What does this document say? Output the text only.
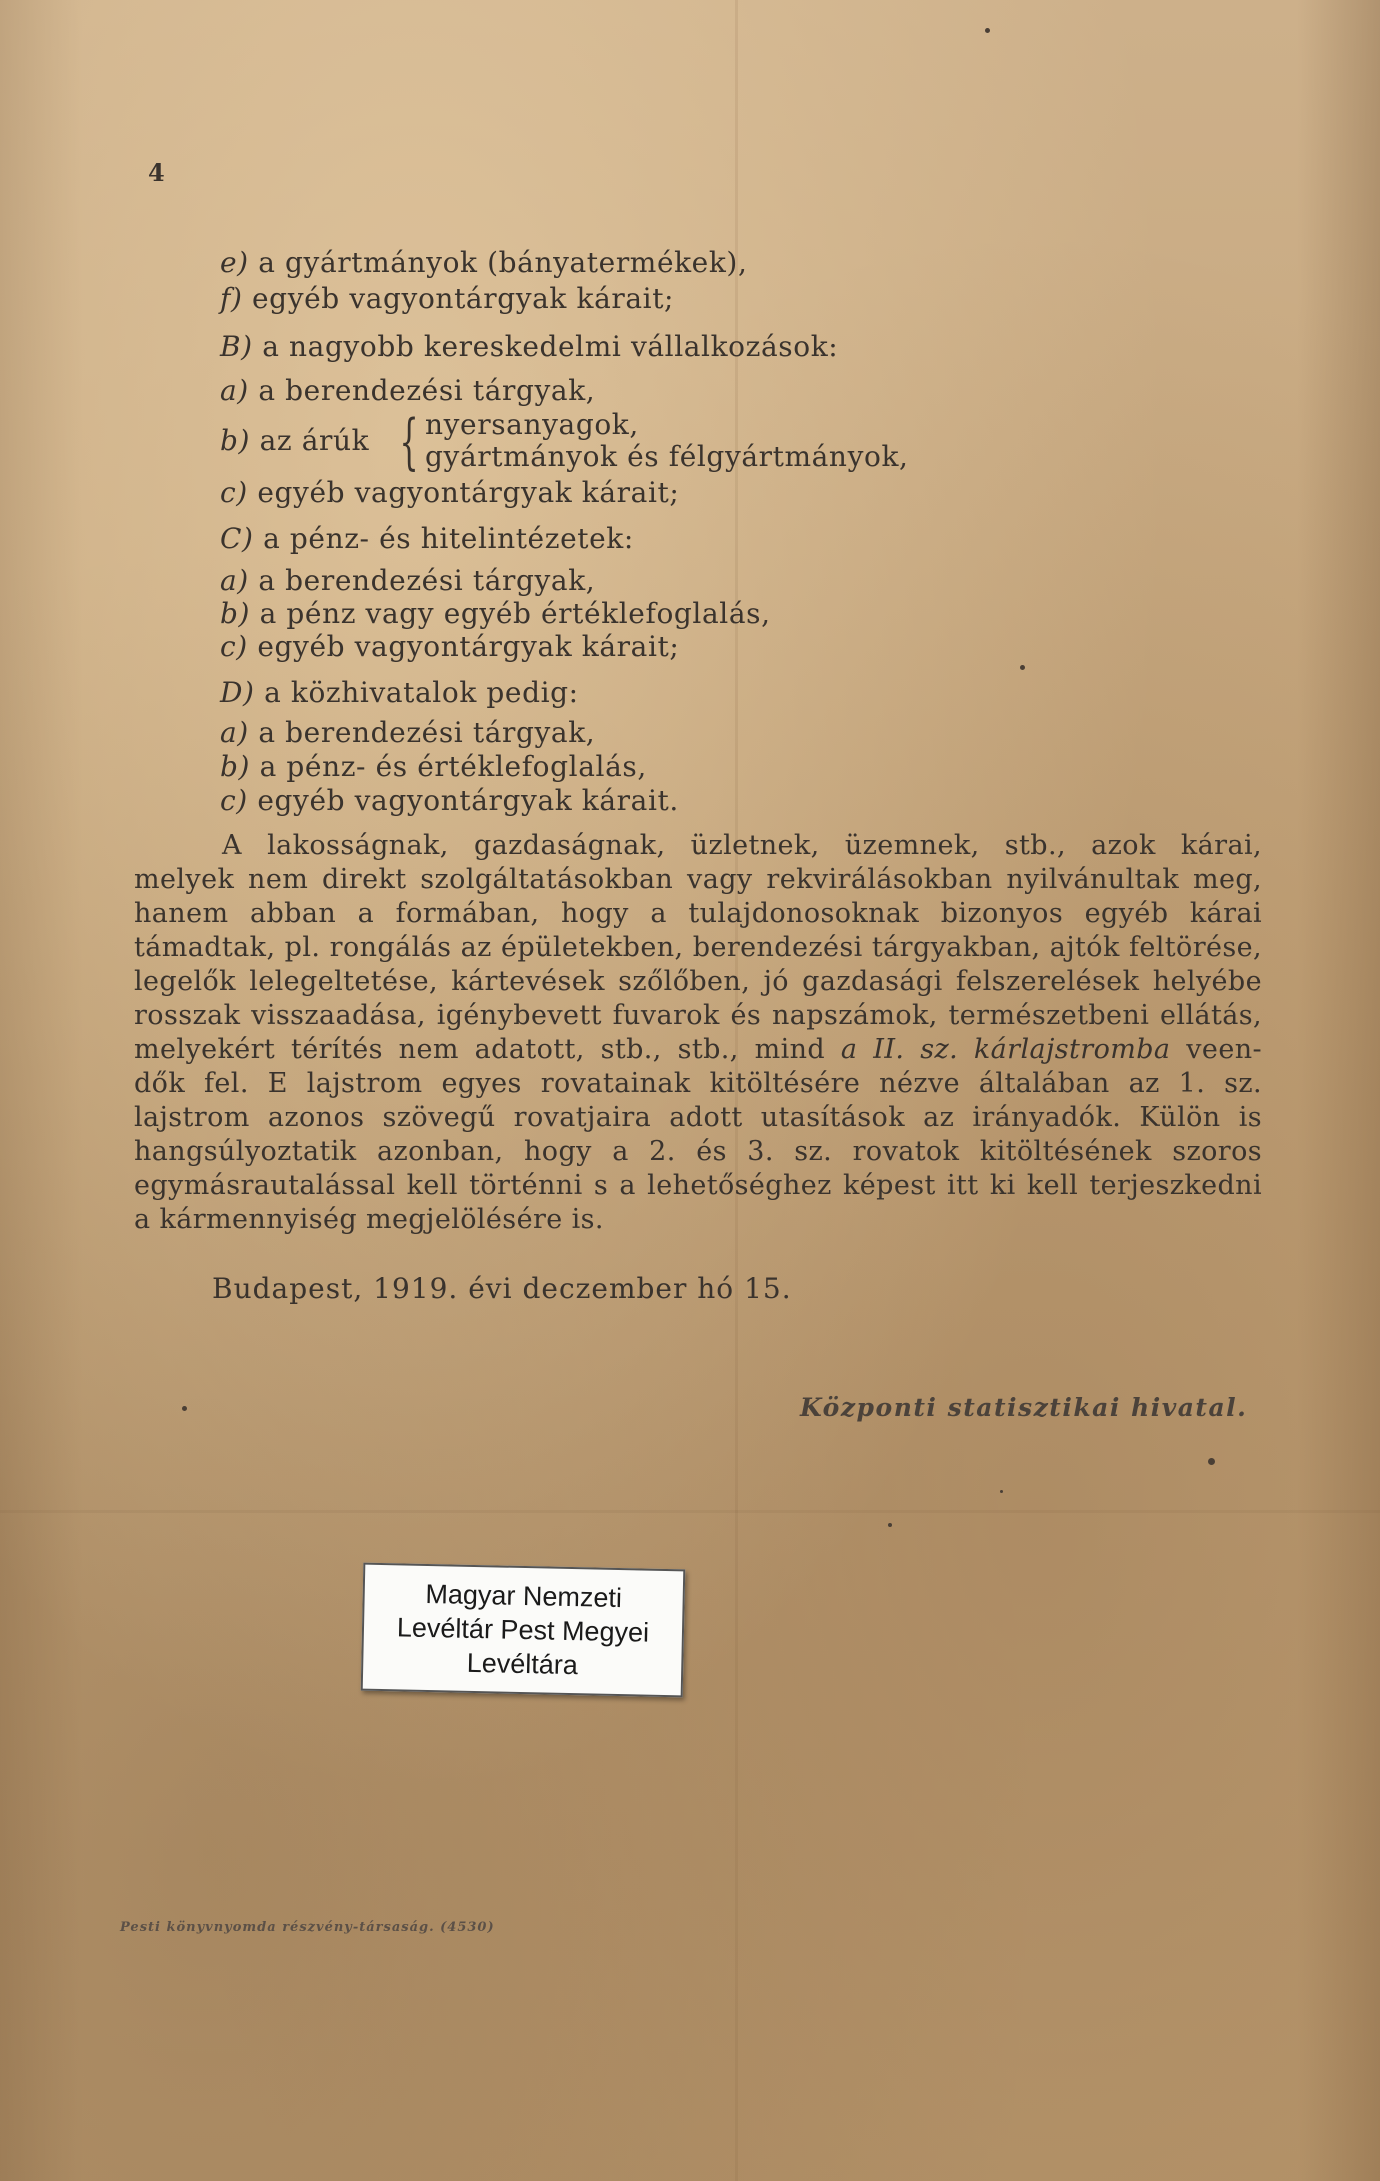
4
e) a gyártmányok (bányatermékek),
f) egyéb vagyontárgyak kárait;
B) a nagyobb kereskedelmi vállalkozások:
a) a berendezési tárgyak,
b) az árúk { nyersanyagok,
gyártmányok és félgyártmányok,
c) egyéb vagyontárgyak kárait;
C) a pénz- és hitelintézetek:
a) a berendezési tárgyak,
b) a pénz vagy egyéb értéklefoglalás,
c) egyéb vagyontárgyak kárait;
D) a közhivatalok pedig:
a) a berendezési tárgyak,
b) a pénz- és értéklefoglalás,
c) egyéb vagyontárgyak kárait.
A lakosságnak, gazdaságnak, üzletnek, üzemnek, stb., azok kárai,
melyek nem direkt szolgáltatásokban vagy rekvirálásokban nyilvánultak meg,
hanem abban a formában, hogy a tulajdonosoknak bizonyos egyéb kárai
támadtak, pl. rongálás az épületekben, berendezési tárgyakban, ajtók feltörése,
legelők lelegeltetése, kártevések szőlőben, jó gazdasági felszerelések helyébe
rosszak visszaadása, igénybevett fuvarok és napszámok, természetbeni ellátás,
melyekért térítés nem adatott, stb., stb., mind a II. sz. kárlajstromba veen-
dők fel. E lajstrom egyes rovatainak kitöltésére nézve általában az 1. sz.
lajstrom azonos szövegű rovatjaira adott utasítások az irányadók. Külön is
hangsúlyoztatik azonban, hogy a 2. és 3. sz. rovatok kitöltésének szoros
egymásrautalással kell történni s a lehetőséghez képest itt ki kell terjeszkedni
a kármennyiség megjelölésére is.
Budapest, 1919. évi deczember hó 15.
Központi statisztikai hivatal.
Magyar Nemzeti
Levéltár Pest Megyei
Levéltára
Pesti könyvnyomda részvény-társaság. (4530)
